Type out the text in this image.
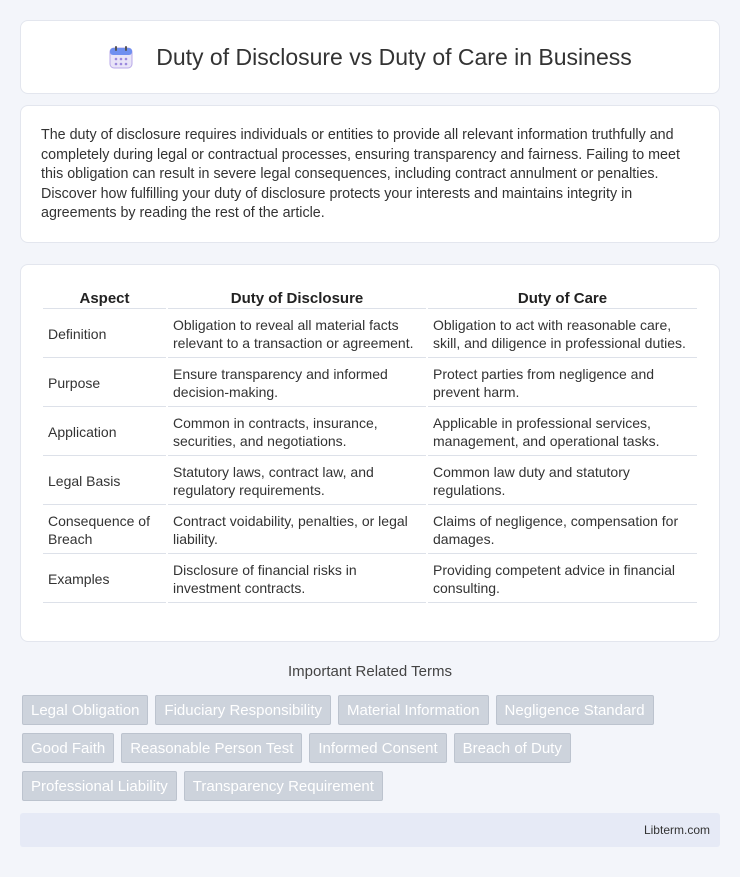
Duty of Disclosure vs Duty of Care in Business

The duty of disclosure requires individuals or entities to provide all relevant information truthfully and completely during legal or contractual processes, ensuring transparency and fairness. Failing to meet this obligation can result in severe legal consequences, including contract annulment or penalties. Discover how fulfilling your duty of disclosure protects your interests and maintains integrity in agreements by reading the rest of the article.

Aspect	Duty of Disclosure	Duty of Care
Definition	Obligation to reveal all material facts relevant to a transaction or agreement.	Obligation to act with reasonable care, skill, and diligence in professional duties.
Purpose	Ensure transparency and informed decision-making.	Protect parties from negligence and prevent harm.
Application	Common in contracts, insurance, securities, and negotiations.	Applicable in professional services, management, and operational tasks.
Legal Basis	Statutory laws, contract law, and regulatory requirements.	Common law duty and statutory regulations.
Consequence of Breach	Contract voidability, penalties, or legal liability.	Claims of negligence, compensation for damages.
Examples	Disclosure of financial risks in investment contracts.	Providing competent advice in financial consulting.
Important Related Terms
Legal Obligation	Fiduciary Responsibility	Material Information	Negligence Standard
Good Faith	Reasonable Person Test	Informed Consent	Breach of Duty
Professional Liability	Transparency Requirement
Libterm.com
